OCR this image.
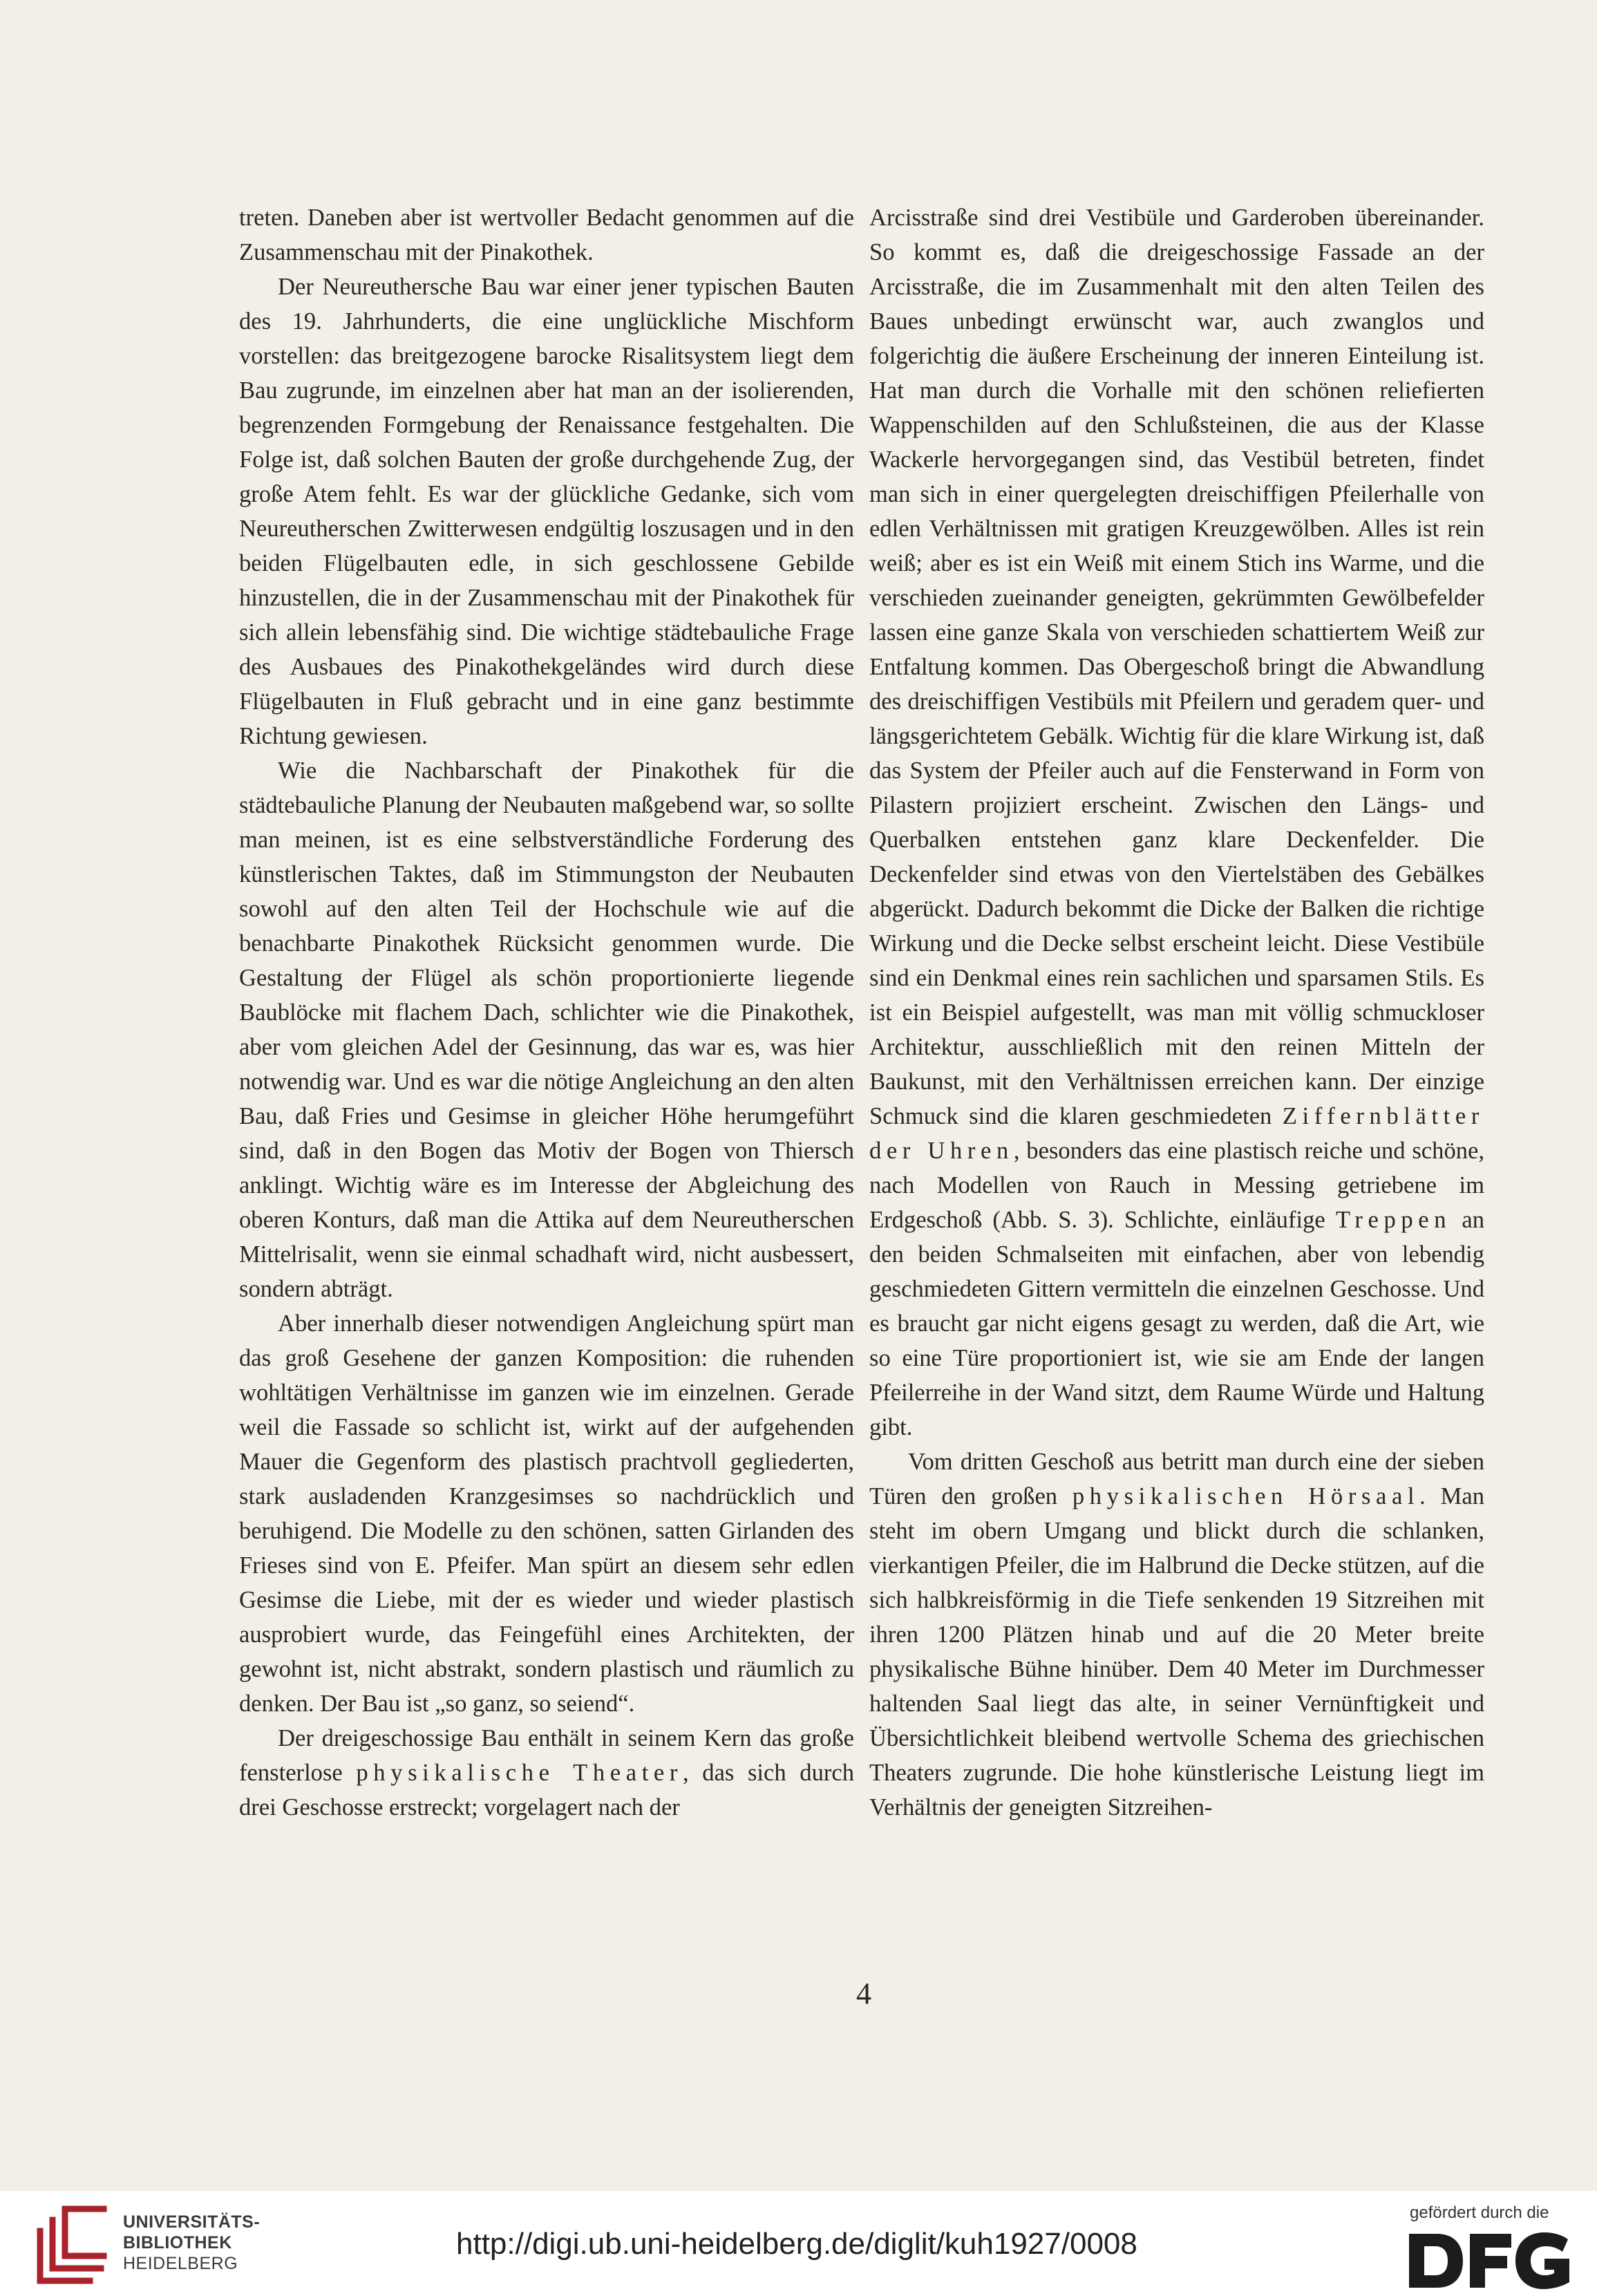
treten. Daneben aber ist wertvoller Bedacht genommen auf die Zusammenschau mit der Pinakothek.

Der Neureuthersche Bau war einer jener typischen Bauten des 19. Jahrhunderts, die eine unglückliche Mischform vorstellen: das breitgezogene barocke Risalitsystem liegt dem Bau zugrunde, im einzelnen aber hat man an der isolierenden, begrenzenden Formgebung der Renaissance festgehalten. Die Folge ist, daß solchen Bauten der große durchgehende Zug, der große Atem fehlt. Es war der glückliche Gedanke, sich vom Neureutherschen Zwitterwesen endgültig loszusagen und in den beiden Flügelbauten edle, in sich geschlossene Gebilde hinzustellen, die in der Zusammenschau mit der Pinakothek für sich allein lebensfähig sind. Die wichtige städtebauliche Frage des Ausbaues des Pinakothekgeländes wird durch diese Flügelbauten in Fluß gebracht und in eine ganz bestimmte Richtung gewiesen.

Wie die Nachbarschaft der Pinakothek für die städtebauliche Planung der Neubauten maßgebend war, so sollte man meinen, ist es eine selbstverständliche Forderung des künstlerischen Taktes, daß im Stimmungston der Neubauten sowohl auf den alten Teil der Hochschule wie auf die benachbarte Pinakothek Rücksicht genommen wurde. Die Gestaltung der Flügel als schön proportionierte liegende Baublöcke mit flachem Dach, schlichter wie die Pinakothek, aber vom gleichen Adel der Gesinnung, das war es, was hier notwendig war. Und es war die nötige Angleichung an den alten Bau, daß Fries und Gesimse in gleicher Höhe herumgeführt sind, daß in den Bogen das Motiv der Bogen von Thiersch anklingt. Wichtig wäre es im Interesse der Abgleichung des oberen Konturs, daß man die Attika auf dem Neureutherschen Mittelrisalit, wenn sie einmal schadhaft wird, nicht ausbessert, sondern abträgt.

Aber innerhalb dieser notwendigen Angleichung spürt man das groß Gesehene der ganzen Komposition: die ruhenden wohltätigen Verhältnisse im ganzen wie im einzelnen. Gerade weil die Fassade so schlicht ist, wirkt auf der aufgehenden Mauer die Gegenform des plastisch prachtvoll gegliederten, stark ausladenden Kranzgesimses so nachdrücklich und beruhigend. Die Modelle zu den schönen, satten Girlanden des Frieses sind von E. Pfeifer. Man spürt an diesem sehr edlen Gesimse die Liebe, mit der es wieder und wieder plastisch ausprobiert wurde, das Feingefühl eines Architekten, der gewohnt ist, nicht abstrakt, sondern plastisch und räumlich zu denken. Der Bau ist „so ganz, so seiend“.

Der dreigeschossige Bau enthält in seinem Kern das große fensterlose physikalische Theater, das sich durch drei Geschosse erstreckt; vorgelagert nach der

Arcisstraße sind drei Vestibüle und Garderoben übereinander. So kommt es, daß die dreigeschossige Fassade an der Arcisstraße, die im Zusammenhalt mit den alten Teilen des Baues unbedingt erwünscht war, auch zwanglos und folgerichtig die äußere Erscheinung der inneren Einteilung ist. Hat man durch die Vorhalle mit den schönen reliefierten Wappenschilden auf den Schlußsteinen, die aus der Klasse Wackerle hervorgegangen sind, das Vestibül betreten, findet man sich in einer quergelegten dreischiffigen Pfeilerhalle von edlen Verhältnissen mit gratigen Kreuzgewölben. Alles ist rein weiß; aber es ist ein Weiß mit einem Stich ins Warme, und die verschieden zueinander geneigten, gekrümmten Gewölbefelder lassen eine ganze Skala von verschieden schattiertem Weiß zur Entfaltung kommen. Das Obergeschoß bringt die Abwandlung des dreischiffigen Vestibüls mit Pfeilern und geradem quer- und längsgerichtetem Gebälk. Wichtig für die klare Wirkung ist, daß das System der Pfeiler auch auf die Fensterwand in Form von Pilastern projiziert erscheint. Zwischen den Längs- und Querbalken entstehen ganz klare Deckenfelder. Die Deckenfelder sind etwas von den Viertelstäben des Gebälkes abgerückt. Dadurch bekommt die Dicke der Balken die richtige Wirkung und die Decke selbst erscheint leicht. Diese Vestibüle sind ein Denkmal eines rein sachlichen und sparsamen Stils. Es ist ein Beispiel aufgestellt, was man mit völlig schmuckloser Architektur, ausschließlich mit den reinen Mitteln der Baukunst, mit den Verhältnissen erreichen kann. Der einzige Schmuck sind die klaren geschmiedeten Ziffernblätter der Uhren, besonders das eine plastisch reiche und schöne, nach Modellen von Rauch in Messing getriebene im Erdgeschoß (Abb. S. 3). Schlichte, einläufige Treppen an den beiden Schmalseiten mit einfachen, aber von lebendig geschmiedeten Gittern vermitteln die einzelnen Geschosse. Und es braucht gar nicht eigens gesagt zu werden, daß die Art, wie so eine Türe proportioniert ist, wie sie am Ende der langen Pfeilerreihe in der Wand sitzt, dem Raume Würde und Haltung gibt.

Vom dritten Geschoß aus betritt man durch eine der sieben Türen den großen physikalischen Hörsaal. Man steht im obern Umgang und blickt durch die schlanken, vierkantigen Pfeiler, die im Halbrund die Decke stützen, auf die sich halbkreisförmig in die Tiefe senkenden 19 Sitzreihen mit ihren 1200 Plätzen hinab und auf die 20 Meter breite physikalische Bühne hinüber. Dem 40 Meter im Durchmesser haltenden Saal liegt das alte, in seiner Vernünftigkeit und Übersichtlichkeit bleibend wertvolle Schema des griechischen Theaters zugrunde. Die hohe künstlerische Leistung liegt im Verhältnis der geneigten Sitzreihen-

4
UNIVERSITÄTS-
BIBLIOTHEK
HEIDELBERG
http://digi.ub.uni-heidelberg.de/diglit/kuh1927/0008
gefördert durch die
